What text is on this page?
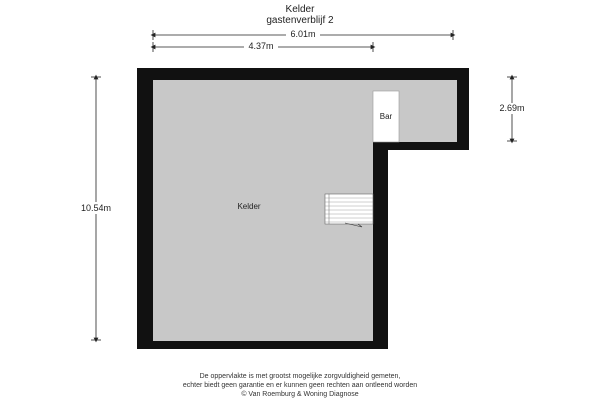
Kelder
gastenverblijf 2
6.01m
4.37m
10.54m
2.69m
Bar
Kelder
De oppervlakte is met grootst mogelijke zorgvuldigheid gemeten,
echter biedt geen garantie en er kunnen geen rechten aan ontleend worden
© Van Roemburg & Woning Diagnose
